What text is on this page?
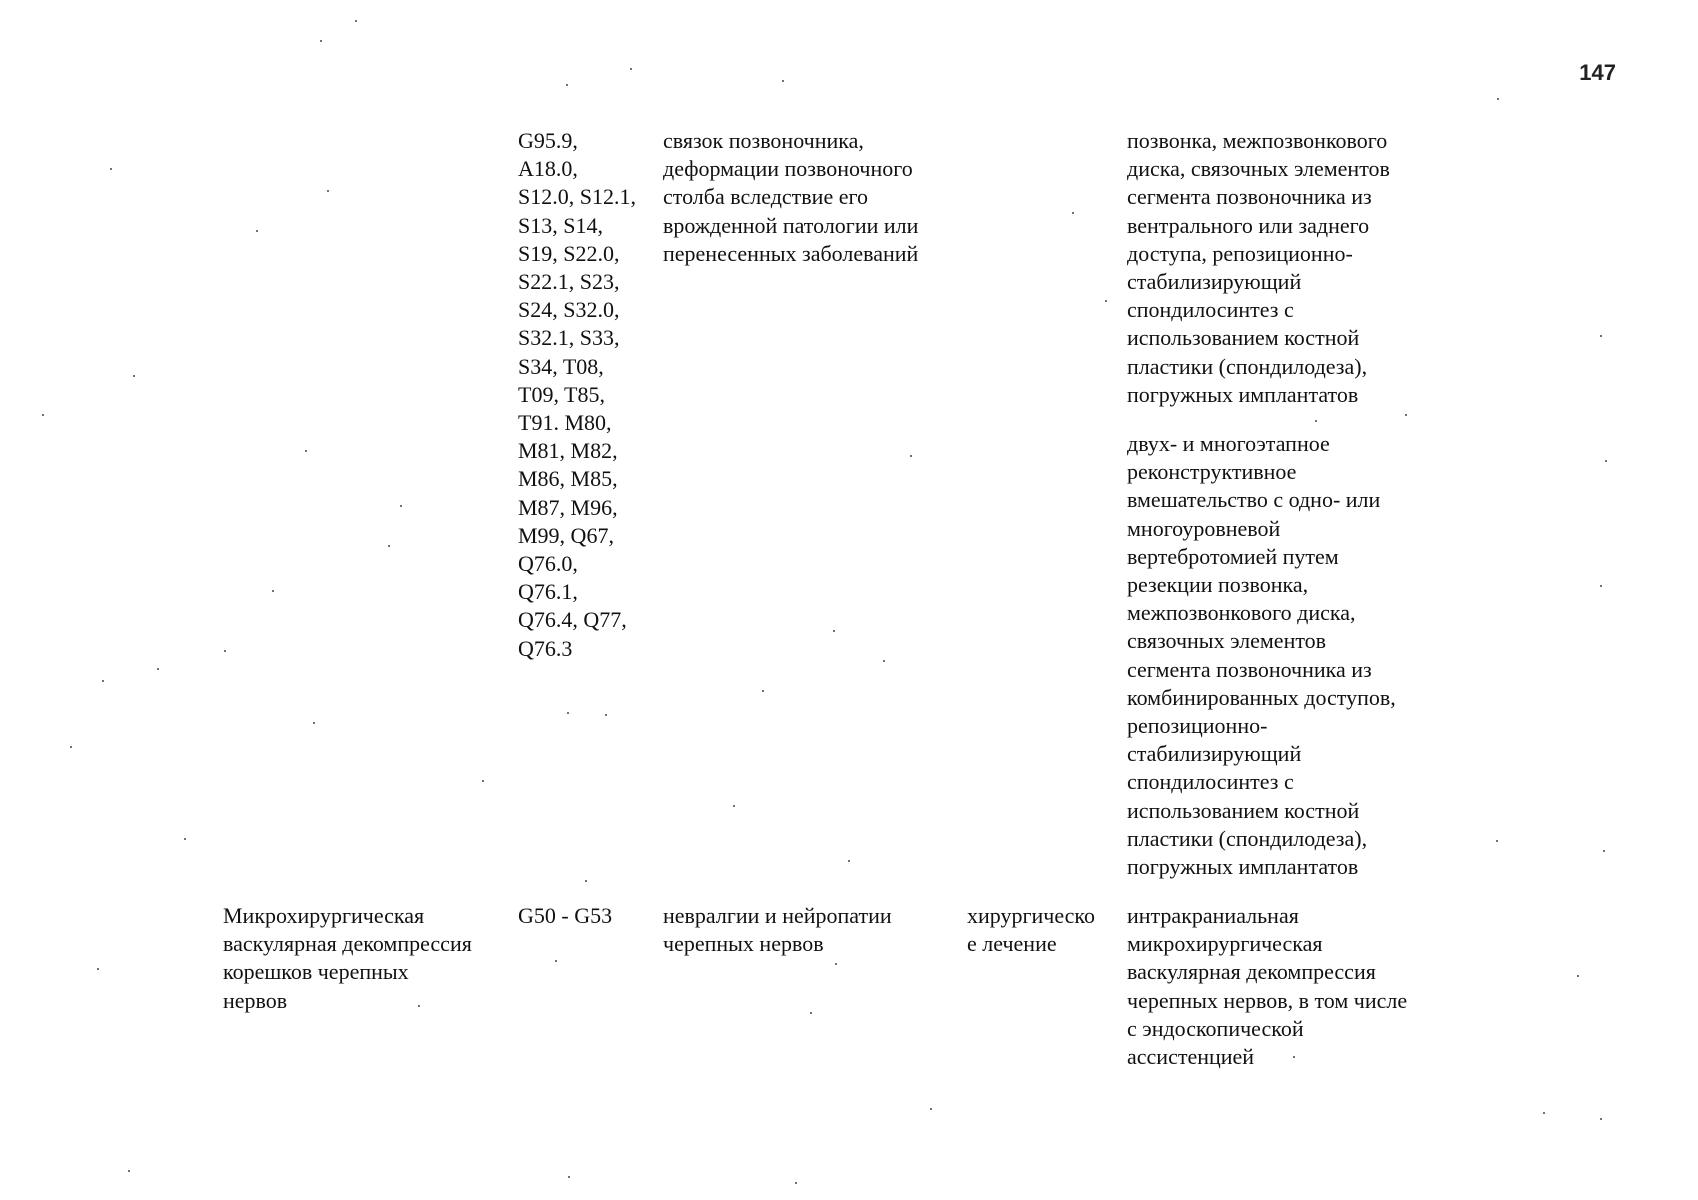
147
G95.9,
A18.0,
S12.0, S12.1,
S13, S14,
S19, S22.0,
S22.1, S23,
S24, S32.0,
S32.1, S33,
S34, T08,
T09, T85,
T91. M80,
M81, M82,
M86, M85,
M87, M96,
M99, Q67,
Q76.0,
Q76.1,
Q76.4, Q77,
Q76.3
связок позвоночника,
деформации позвоночного
столба вследствие его
врожденной патологии или
перенесенных заболеваний
позвонка, межпозвонкового
диска, связочных элементов
сегмента позвоночника из
вентрального или заднего
доступа, репозиционно-
стабилизирующий
спондилосинтез с
использованием костной
пластики (спондилодеза),
погружных имплантатов
двух- и многоэтапное
реконструктивное
вмешательство с одно- или
многоуровневой
вертебротомией путем
резекции позвонка,
межпозвонкового диска,
связочных элементов
сегмента позвоночника из
комбинированных доступов,
репозиционно-
стабилизирующий
спондилосинтез с
использованием костной
пластики (спондилодеза),
погружных имплантатов
Микрохирургическая
васкулярная декомпрессия
корешков черепных
нервов
G50 - G53	невралгии и нейропатии
черепных нервов
хирургическо
е лечение
интракраниальная
микрохирургическая
васкулярная декомпрессия
черепных нервов, в том числе
с эндоскопической
ассистенцией
